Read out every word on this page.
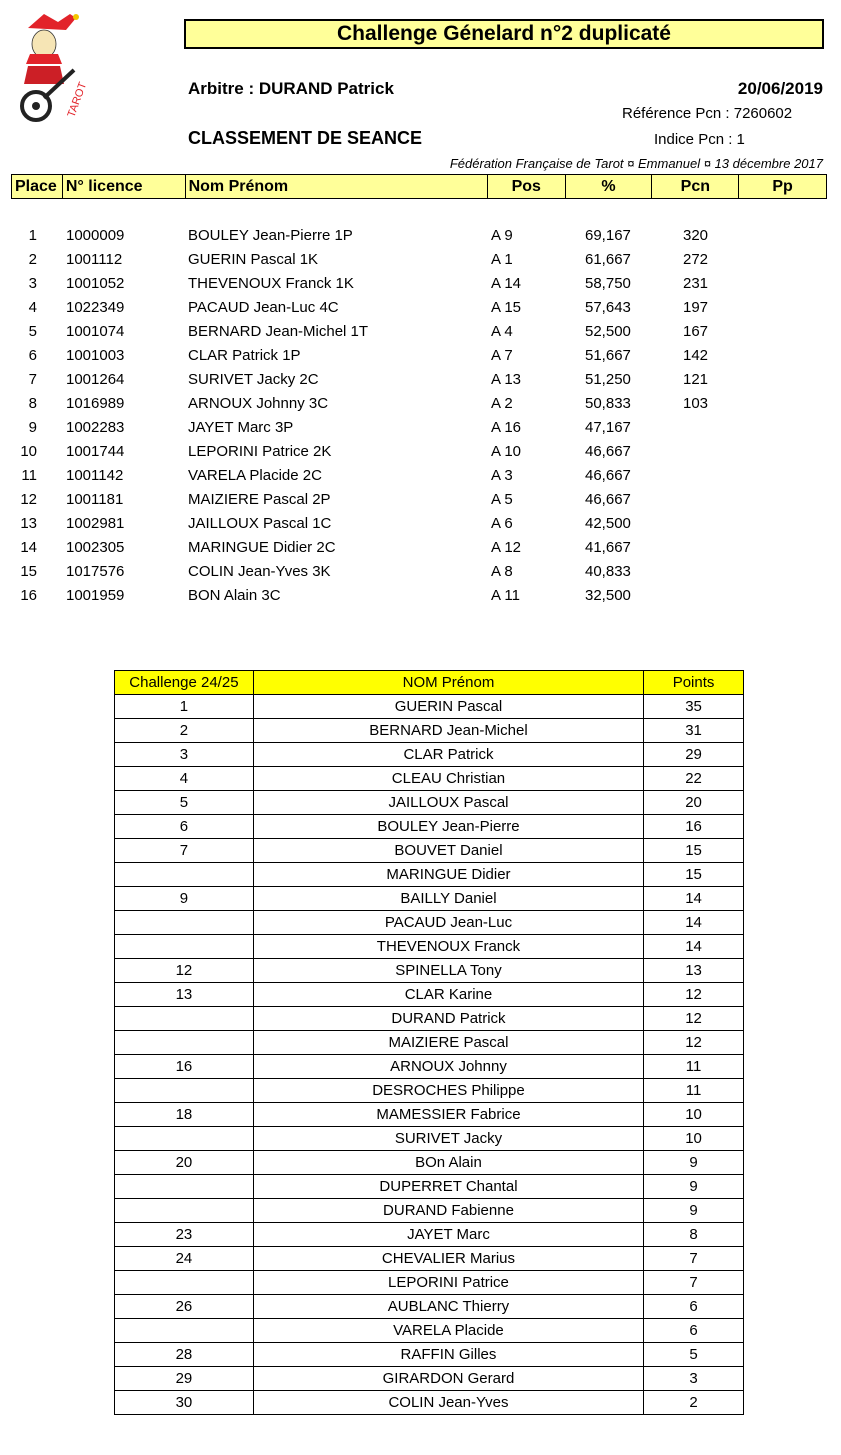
TAROT
Challenge Génelard n°2 duplicaté
Arbitre : DURAND Patrick	20/06/2019
Référence Pcn : 7260602
CLASSEMENT DE SEANCE	Indice Pcn : 1
Fédération Française de Tarot ¤ Emmanuel ¤ 13 décembre 2017
Place N° licence	Nom Prénom	Pos	%	Pcn	Pp
1 1000009	BOULEY Jean-Pierre 1P	A 9	69,167	320
2 1001112	GUERIN Pascal 1K	A 1	61,667	272
3 1001052	THEVENOUX Franck 1K	A 14	58,750	231
4 1022349	PACAUD Jean-Luc 4C	A 15	57,643	197
5 1001074	BERNARD Jean-Michel 1T	A 4	52,500	167
6 1001003	CLAR Patrick 1P	A 7	51,667	142
7 1001264	SURIVET Jacky 2C	A 13	51,250	121
8 1016989	ARNOUX Johnny 3C	A 2	50,833	103
9 1002283	JAYET Marc 3P	A 16	47,167
10 1001744	LEPORINI Patrice 2K	A 10	46,667
11 1001142	VARELA Placide 2C	A 3	46,667
12 1001181	MAIZIERE Pascal 2P	A 5	46,667
13 1002981	JAILLOUX Pascal 1C	A 6	42,500
14 1002305	MARINGUE Didier 2C	A 12	41,667
15 1017576	COLIN Jean-Yves 3K	A 8	40,833
16 1001959	BON Alain 3C	A 11	32,500
Challenge 24/25	NOM Prénom	Points
1	GUERIN Pascal	35
2	BERNARD Jean-Michel	31
3	CLAR Patrick	29
4	CLEAU Christian	22
5	JAILLOUX Pascal	20
6	BOULEY Jean-Pierre	16
7	BOUVET Daniel	15
	MARINGUE Didier	15
9	BAILLY Daniel	14
	PACAUD Jean-Luc	14
	THEVENOUX Franck	14
12	SPINELLA Tony	13
13	CLAR Karine	12
	DURAND Patrick	12
	MAIZIERE Pascal	12
16	ARNOUX Johnny	11
	DESROCHES Philippe	11
18	MAMESSIER Fabrice	10
	SURIVET Jacky	10
20	BOn Alain	9
	DUPERRET Chantal	9
	DURAND Fabienne	9
23	JAYET Marc	8
24	CHEVALIER Marius	7
	LEPORINI Patrice	7
26	AUBLANC Thierry	6
	VARELA Placide	6
28	RAFFIN Gilles	5
29	GIRARDON Gerard	3
30	COLIN Jean-Yves	2
